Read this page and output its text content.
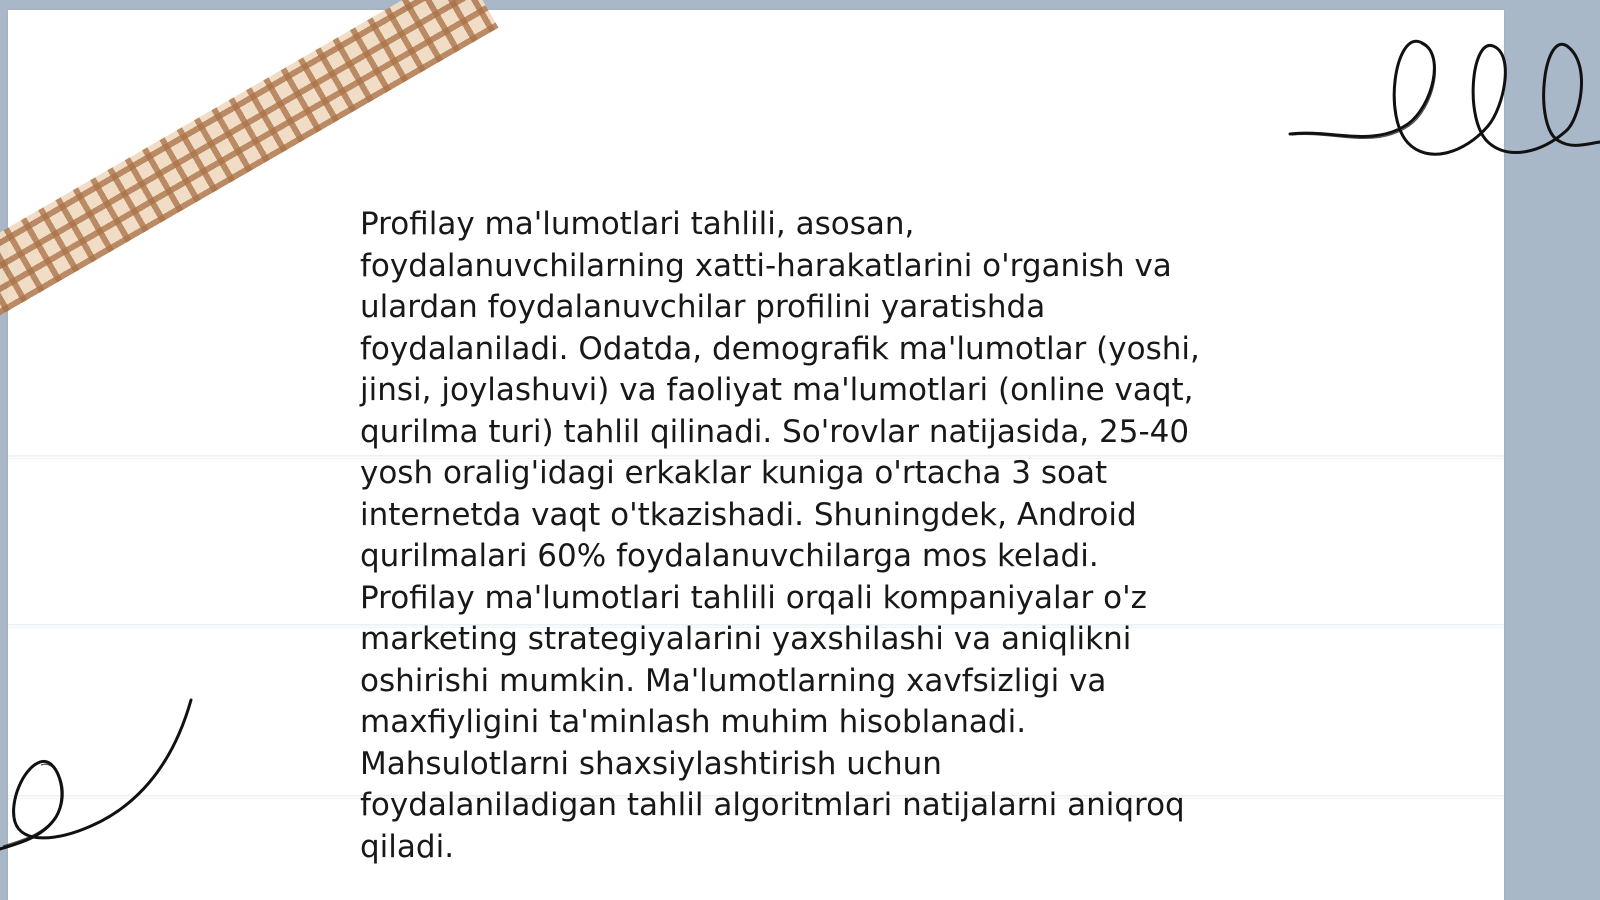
Profilay ma'lumotlari tahlili, asosan,
foydalanuvchilarning xatti-harakatlarini o'rganish va
ulardan foydalanuvchilar profilini yaratishda
foydalaniladi. Odatda, demografik ma'lumotlar (yoshi,
jinsi, joylashuvi) va faoliyat ma'lumotlari (online vaqt,
qurilma turi) tahlil qilinadi. So'rovlar natijasida, 25-40
yosh oralig'idagi erkaklar kuniga o'rtacha 3 soat
internetda vaqt o'tkazishadi. Shuningdek, Android
qurilmalari 60% foydalanuvchilarga mos keladi.
Profilay ma'lumotlari tahlili orqali kompaniyalar o'z
marketing strategiyalarini yaxshilashi va aniqlikni
oshirishi mumkin. Ma'lumotlarning xavfsizligi va
maxfiyligini ta'minlash muhim hisoblanadi.
Mahsulotlarni shaxsiylashtirish uchun
foydalaniladigan tahlil algoritmlari natijalarni aniqroq
qiladi.
